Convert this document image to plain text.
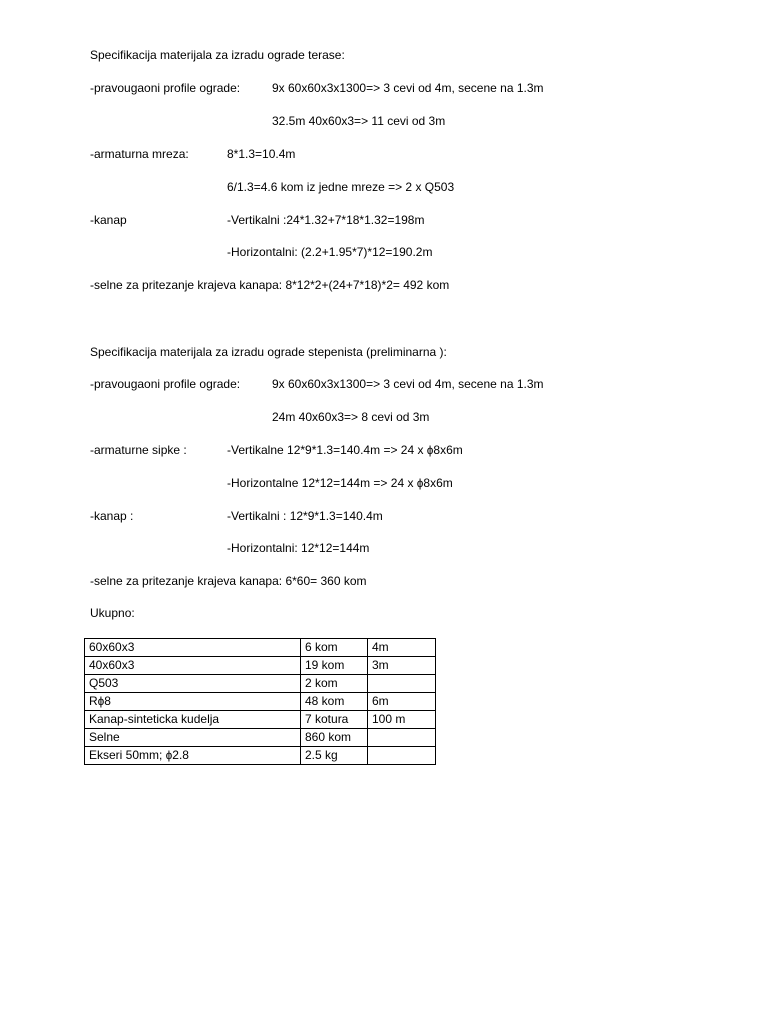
Specifikacija materijala za izradu ograde terase:
-pravougaoni profile ograde:	9x 60x60x3x1300=> 3 cevi od 4m, secene na 1.3m
32.5m 40x60x3=> 11 cevi od 3m
-armaturna mreza:	8*1.3=10.4m
6/1.3=4.6 kom iz jedne mreze => 2 x Q503
-kanap	-Vertikalni :24*1.32+7*18*1.32=198m
-Horizontalni: (2.2+1.95*7)*12=190.2m
-selne za pritezanje krajeva kanapa: 8*12*2+(24+7*18)*2= 492 kom
Specifikacija materijala za izradu ograde stepenista (preliminarna ):
-pravougaoni profile ograde:	9x 60x60x3x1300=> 3 cevi od 4m, secene na 1.3m
24m 40x60x3=> 8 cevi od 3m
-armaturne sipke :	-Vertikalne 12*9*1.3=140.4m => 24 x ɸ8x6m
-Horizontalne 12*12=144m => 24 x ɸ8x6m
-kanap :	-Vertikalni : 12*9*1.3=140.4m
-Horizontalni: 12*12=144m
-selne za pritezanje krajeva kanapa: 6*60= 360 kom
Ukupno:
60x60x3	6 kom	4m
40x60x3	19 kom	3m
Q503	2 kom	
Rɸ8	48 kom	6m
Kanap-sinteticka kudelja	7 kotura	100 m
Selne	860 kom	
Ekseri 50mm; ɸ2.8	2.5 kg	
